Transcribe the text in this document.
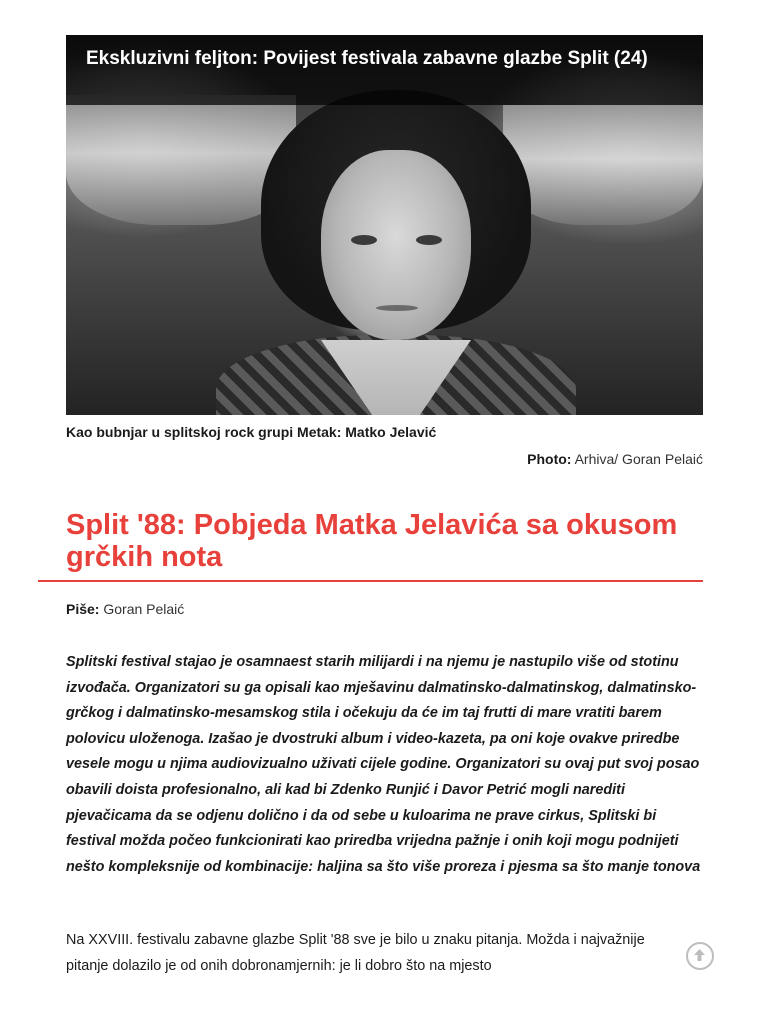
Ekskluzivni feljton: Povijest festivala zabavne glazbe Split (24)
Kao bubnjar u splitskoj rock grupi Metak: Matko Jelavić
Photo: Arhiva/ Goran Pelaić
Split '88: Pobjeda Matka Jelavića sa okusom grčkih nota
Piše: Goran Pelaić

Splitski festival stajao je osamnaest starih milijardi i na njemu je nastupilo više od stotinu izvođača. Organizatori su ga opisali kao mješavinu dalmatinsko-dalmatinskog, dalmatinsko-grčkog i dalmatinsko-mesamskog stila i očekuju da će im taj frutti di mare vratiti barem polovicu uloženoga. Izašao je dvostruki album i video-kazeta, pa oni koje ovakve priredbe vesele mogu u njima audiovizualno uživati cijele godine. Organizatori su ovaj put svoj posao obavili doista profesionalno, ali kad bi Zdenko Runjić i Davor Petrić mogli narediti pjevačicama da se odjenu dolično i da od sebe u kuloarima ne prave cirkus, Splitski bi festival možda počeo funkcionirati kao priredba vrijedna pažnje i onih koji mogu podnijeti nešto kompleksnije od kombinacije: haljina sa što više proreza i pjesma sa što manje tonova

Na XXVIII. festivalu zabavne glazbe Split '88 sve je bilo u znaku pitanja. Možda i najvažnije pitanje dolazilo je od onih dobronamjernih: je li dobro što na mjesto
